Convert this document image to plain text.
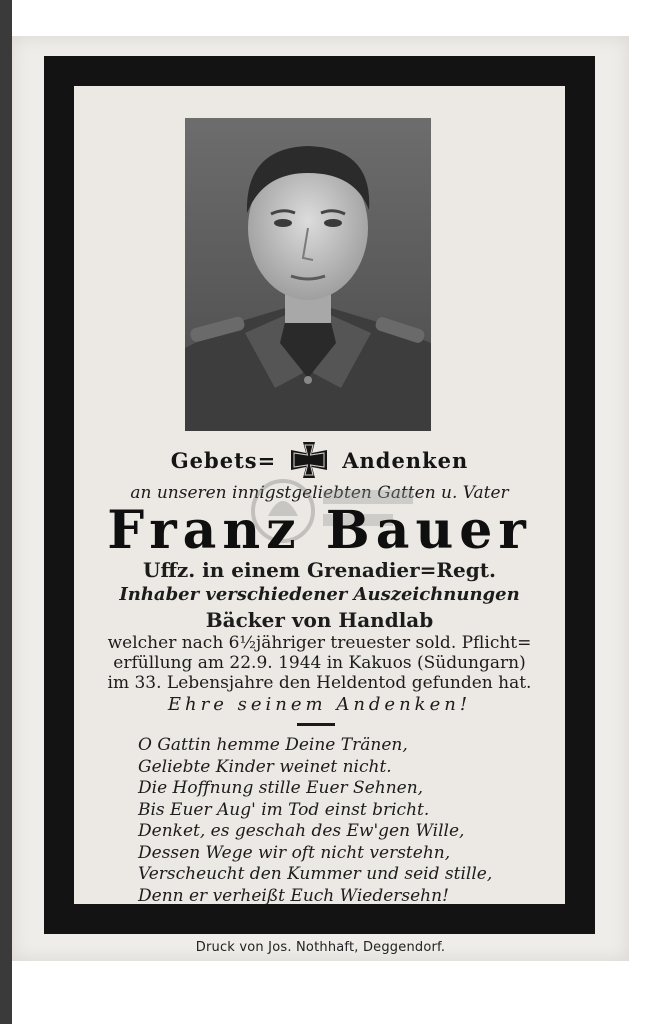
Gebets=	Andenken
an unseren innigstgeliebten Gatten u. Vater
Franz Bauer
Uffz. in einem Grenadier=Regt.
Inhaber verschiedener Auszeichnungen
Bäcker von Handlab
welcher nach 6½jähriger treuester sold. Pflicht=
erfüllung am 22.9. 1944 in Kakuos (Südungarn)
im 33. Lebensjahre den Heldentod gefunden hat.
Ehre seinem Andenken!
O Gattin hemme Deine Tränen,
Geliebte Kinder weinet nicht.
Die Hoffnung stille Euer Sehnen,
Bis Euer Aug' im Tod einst bricht.
Denket, es geschah des Ew'gen Wille,
Dessen Wege wir oft nicht verstehn,
Verscheucht den Kummer und seid stille,
Denn er verheißt Euch Wiedersehn!
Druck von Jos. Nothhaft, Deggendorf.
